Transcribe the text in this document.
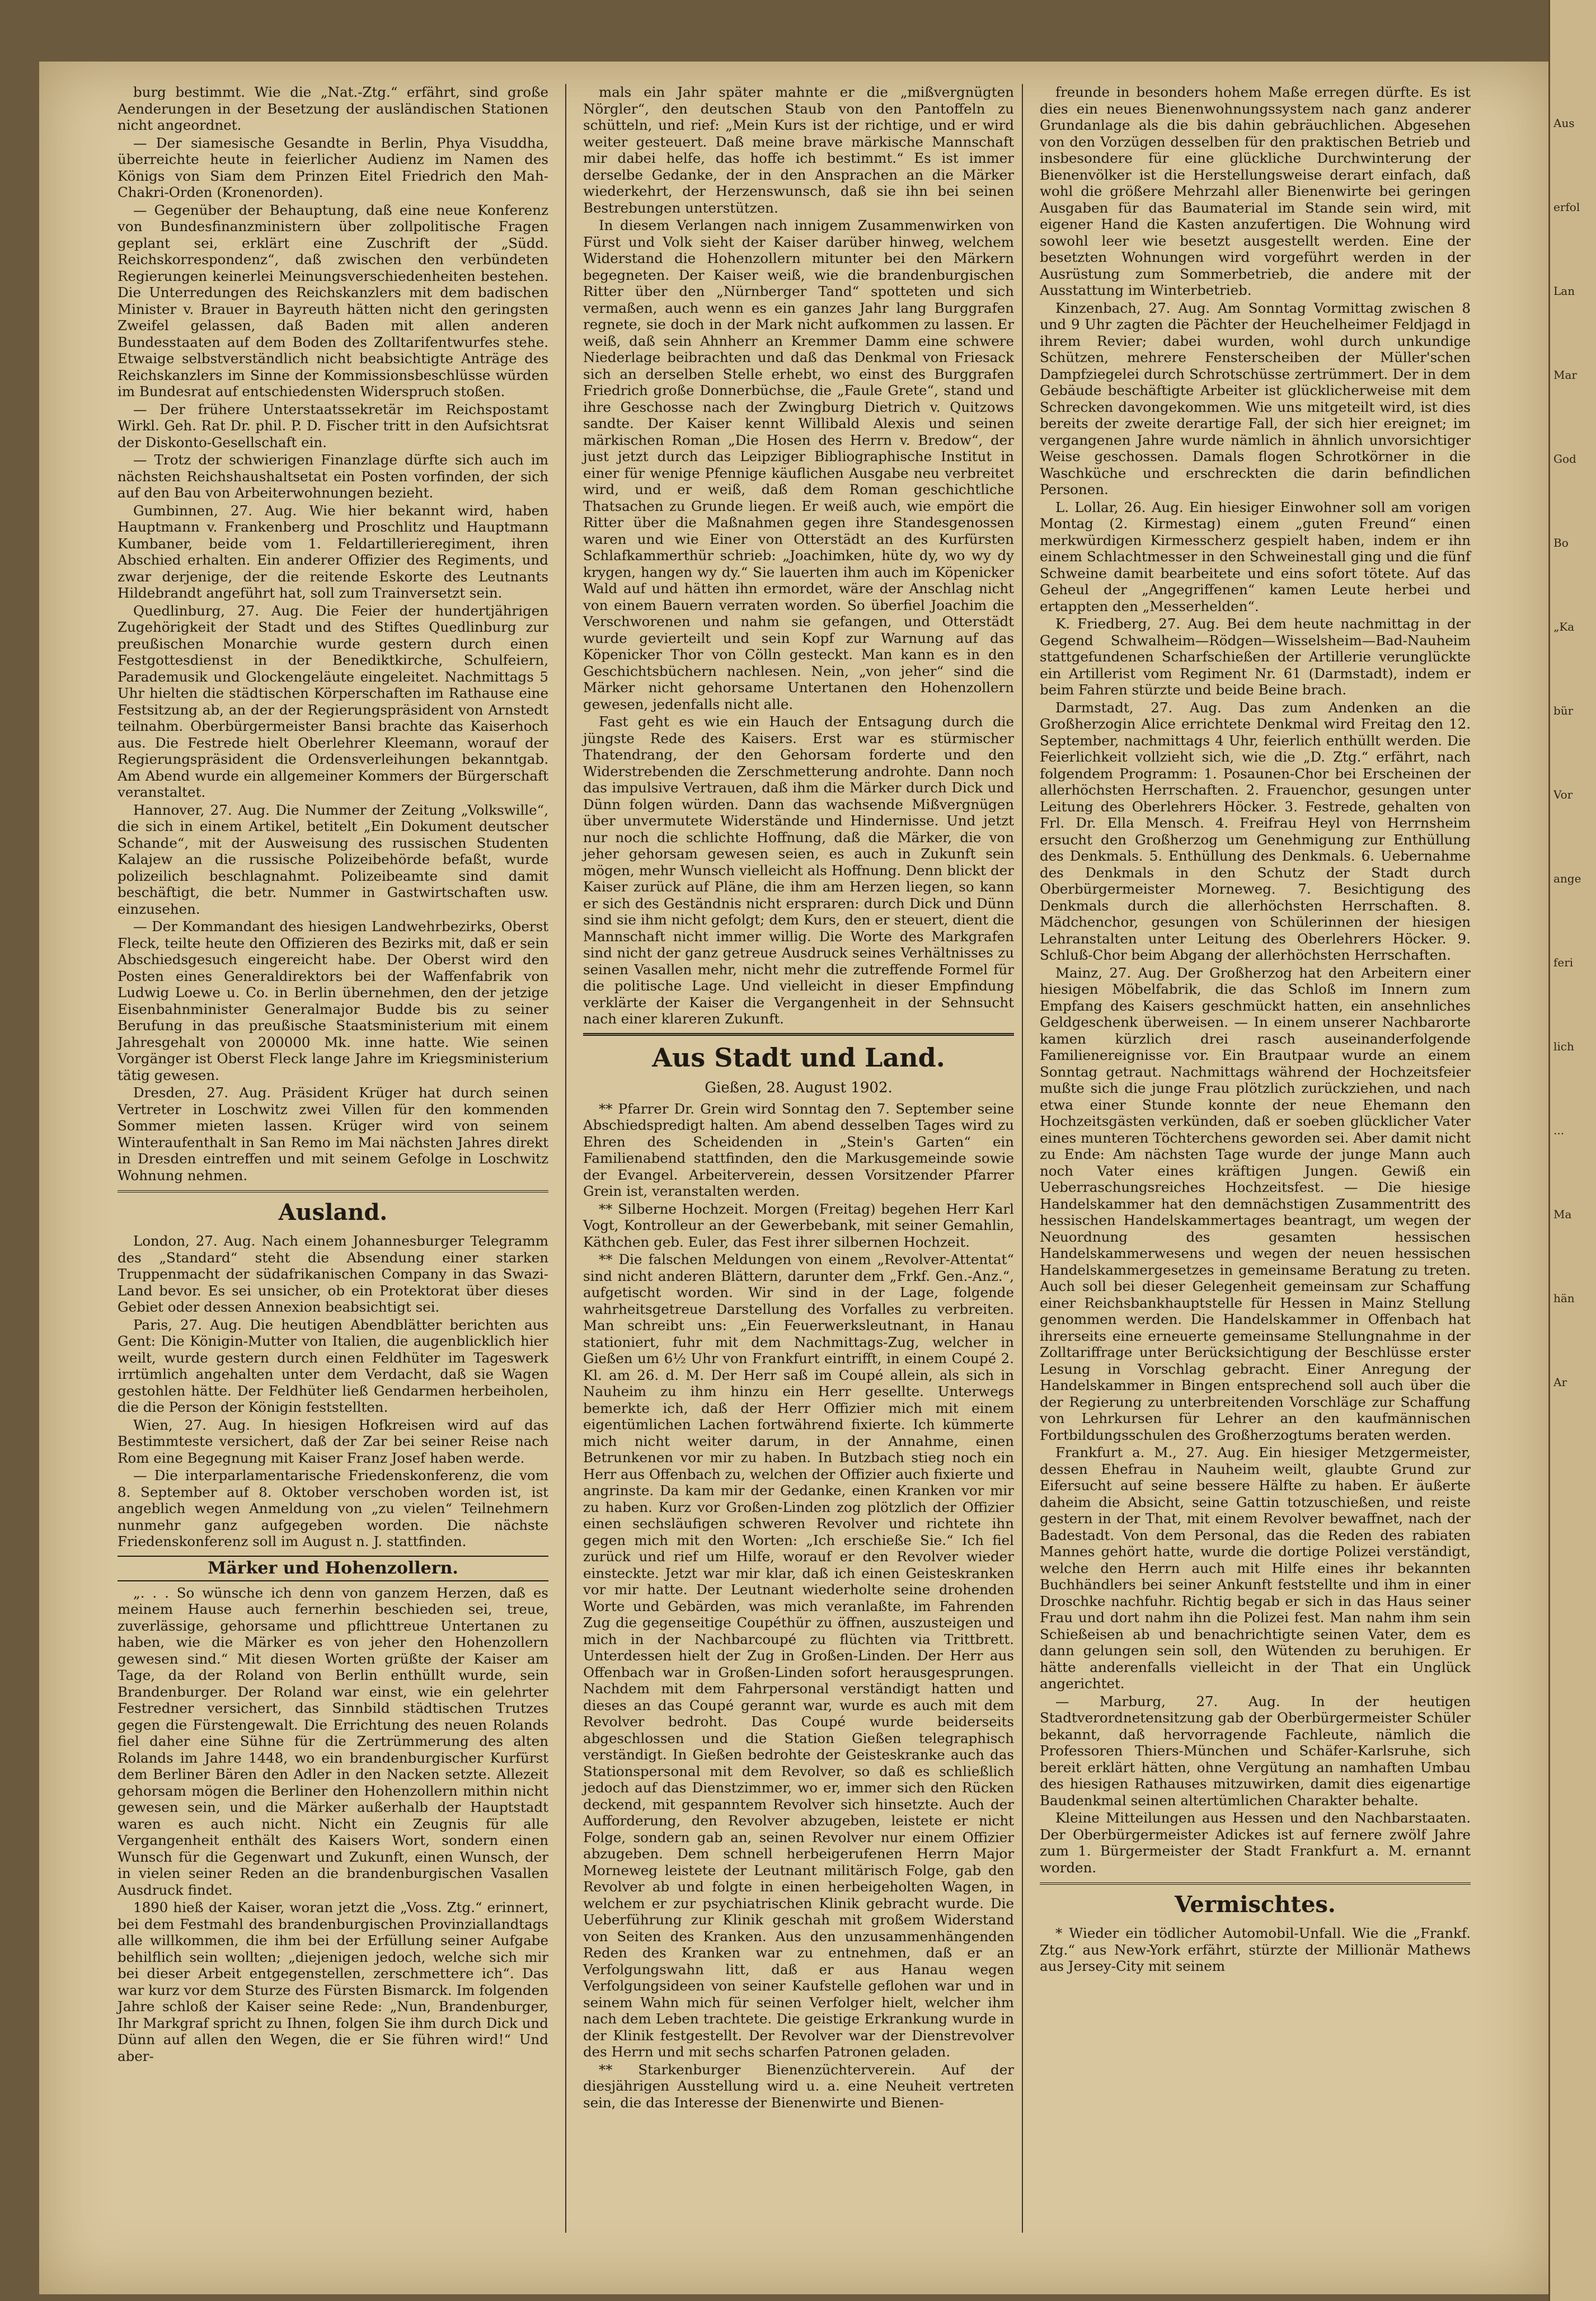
Aus
erfol
Lan
Mar
God
Bo
„Ka
bür
Vor
ange
feri
lich
...
Ma
hän
Ar

burg bestimmt. Wie die „Nat.-Ztg.“ erfährt, sind große Aenderungen in der Besetzung der ausländischen Stationen nicht angeordnet.

— Der siamesische Gesandte in Berlin, Phya Visuddha, überreichte heute in feierlicher Audienz im Namen des Königs von Siam dem Prinzen Eitel Friedrich den Mah-Chakri-Orden (Kronenorden).

— Gegenüber der Behauptung, daß eine neue Konferenz von Bundesfinanzministern über zollpolitische Fragen geplant sei, erklärt eine Zuschrift der „Südd. Reichskorrespondenz“, daß zwischen den verbündeten Regierungen keinerlei Meinungsverschiedenheiten bestehen. Die Unterredungen des Reichskanzlers mit dem badischen Minister v. Brauer in Bayreuth hätten nicht den geringsten Zweifel gelassen, daß Baden mit allen anderen Bundesstaaten auf dem Boden des Zolltarifentwurfes stehe. Etwaige selbstverständlich nicht beabsichtigte Anträge des Reichskanzlers im Sinne der Kommissionsbeschlüsse würden im Bundesrat auf entschiedensten Widerspruch stoßen.

— Der frühere Unterstaatssekretär im Reichspostamt Wirkl. Geh. Rat Dr. phil. P. D. Fischer tritt in den Aufsichtsrat der Diskonto-Gesellschaft ein.

— Trotz der schwierigen Finanzlage dürfte sich auch im nächsten Reichshaushaltsetat ein Posten vorfinden, der sich auf den Bau von Arbeiterwohnungen bezieht.

Gumbinnen, 27. Aug. Wie hier bekannt wird, haben Hauptmann v. Frankenberg und Proschlitz und Hauptmann Kumbaner, beide vom 1. Feldartillerieregiment, ihren Abschied erhalten. Ein anderer Offizier des Regiments, und zwar derjenige, der die reitende Eskorte des Leutnants Hildebrandt angeführt hat, soll zum Trainversetzt sein.

Quedlinburg, 27. Aug. Die Feier der hundertjährigen Zugehörigkeit der Stadt und des Stiftes Quedlinburg zur preußischen Monarchie wurde gestern durch einen Festgottesdienst in der Benediktkirche, Schulfeiern, Parademusik und Glockengeläute eingeleitet. Nachmittags 5 Uhr hielten die städtischen Körperschaften im Rathause eine Festsitzung ab, an der der Regierungspräsident von Arnstedt teilnahm. Oberbürgermeister Bansi brachte das Kaiserhoch aus. Die Festrede hielt Oberlehrer Kleemann, worauf der Regierungspräsident die Ordensverleihungen bekanntgab. Am Abend wurde ein allgemeiner Kommers der Bürgerschaft veranstaltet.

Hannover, 27. Aug. Die Nummer der Zeitung „Volkswille“, die sich in einem Artikel, betitelt „Ein Dokument deutscher Schande“, mit der Ausweisung des russischen Studenten Kalajew an die russische Polizeibehörde befaßt, wurde polizeilich beschlagnahmt. Polizeibeamte sind damit beschäftigt, die betr. Nummer in Gastwirtschaften usw. einzusehen.

— Der Kommandant des hiesigen Landwehrbezirks, Oberst Fleck, teilte heute den Offizieren des Bezirks mit, daß er sein Abschiedsgesuch eingereicht habe. Der Oberst wird den Posten eines Generaldirektors bei der Waffenfabrik von Ludwig Loewe u. Co. in Berlin übernehmen, den der jetzige Eisenbahnminister Generalmajor Budde bis zu seiner Berufung in das preußische Staatsministerium mit einem Jahresgehalt von 200000 Mk. inne hatte. Wie seinen Vorgänger ist Oberst Fleck lange Jahre im Kriegsministerium tätig gewesen.

Dresden, 27. Aug. Präsident Krüger hat durch seinen Vertreter in Loschwitz zwei Villen für den kommenden Sommer mieten lassen. Krüger wird von seinem Winteraufenthalt in San Remo im Mai nächsten Jahres direkt in Dresden eintreffen und mit seinem Gefolge in Loschwitz Wohnung nehmen.

Ausland.

London, 27. Aug. Nach einem Johannesburger Telegramm des „Standard“ steht die Absendung einer starken Truppenmacht der südafrikanischen Company in das Swazi-Land bevor. Es sei unsicher, ob ein Protektorat über dieses Gebiet oder dessen Annexion beabsichtigt sei.

Paris, 27. Aug. Die heutigen Abendblätter berichten aus Gent: Die Königin-Mutter von Italien, die augenblicklich hier weilt, wurde gestern durch einen Feldhüter im Tageswerk irrtümlich angehalten unter dem Verdacht, daß sie Wagen gestohlen hätte. Der Feldhüter ließ Gendarmen herbeiholen, die die Person der Königin feststellten.

Wien, 27. Aug. In hiesigen Hofkreisen wird auf das Bestimmteste versichert, daß der Zar bei seiner Reise nach Rom eine Begegnung mit Kaiser Franz Josef haben werde.

— Die interparlamentarische Friedenskonferenz, die vom 8. September auf 8. Oktober verschoben worden ist, ist angeblich wegen Anmeldung von „zu vielen“ Teilnehmern nunmehr ganz aufgegeben worden. Die nächste Friedenskonferenz soll im August n. J. stattfinden.

Märker und Hohenzollern.

„. . . So wünsche ich denn von ganzem Herzen, daß es meinem Hause auch fernerhin beschieden sei, treue, zuverlässige, gehorsame und pflichttreue Untertanen zu haben, wie die Märker es von jeher den Hohenzollern gewesen sind.“ Mit diesen Worten grüßte der Kaiser am Tage, da der Roland von Berlin enthüllt wurde, sein Brandenburger. Der Roland war einst, wie ein gelehrter Festredner versichert, das Sinnbild städtischen Trutzes gegen die Fürstengewalt. Die Errichtung des neuen Rolands fiel daher eine Sühne für die Zertrümmerung des alten Rolands im Jahre 1448, wo ein brandenburgischer Kurfürst dem Berliner Bären den Adler in den Nacken setzte. Allezeit gehorsam mögen die Berliner den Hohenzollern mithin nicht gewesen sein, und die Märker außerhalb der Hauptstadt waren es auch nicht. Nicht ein Zeugnis für alle Vergangenheit enthält des Kaisers Wort, sondern einen Wunsch für die Gegenwart und Zukunft, einen Wunsch, der in vielen seiner Reden an die brandenburgischen Vasallen Ausdruck findet.

1890 hieß der Kaiser, woran jetzt die „Voss. Ztg.“ erinnert, bei dem Festmahl des brandenburgischen Provinziallandtags alle willkommen, die ihm bei der Erfüllung seiner Aufgabe behilflich sein wollten; „diejenigen jedoch, welche sich mir bei dieser Arbeit entgegenstellen, zerschmettere ich“. Das war kurz vor dem Sturze des Fürsten Bismarck. Im folgenden Jahre schloß der Kaiser seine Rede: „Nun, Brandenburger, Ihr Markgraf spricht zu Ihnen, folgen Sie ihm durch Dick und Dünn auf allen den Wegen, die er Sie führen wird!“ Und aber-

mals ein Jahr später mahnte er die „mißvergnügten Nörgler“, den deutschen Staub von den Pantoffeln zu schütteln, und rief: „Mein Kurs ist der richtige, und er wird weiter gesteuert. Daß meine brave märkische Mannschaft mir dabei helfe, das hoffe ich bestimmt.“ Es ist immer derselbe Gedanke, der in den Ansprachen an die Märker wiederkehrt, der Herzenswunsch, daß sie ihn bei seinen Bestrebungen unterstützen.

In diesem Verlangen nach innigem Zusammenwirken von Fürst und Volk sieht der Kaiser darüber hinweg, welchem Widerstand die Hohenzollern mitunter bei den Märkern begegneten. Der Kaiser weiß, wie die brandenburgischen Ritter über den „Nürnberger Tand“ spotteten und sich vermaßen, auch wenn es ein ganzes Jahr lang Burggrafen regnete, sie doch in der Mark nicht aufkommen zu lassen. Er weiß, daß sein Ahnherr an Kremmer Damm eine schwere Niederlage beibrachten und daß das Denkmal von Friesack sich an derselben Stelle erhebt, wo einst des Burggrafen Friedrich große Donnerbüchse, die „Faule Grete“, stand und ihre Geschosse nach der Zwingburg Dietrich v. Quitzows sandte. Der Kaiser kennt Willibald Alexis und seinen märkischen Roman „Die Hosen des Herrn v. Bredow“, der just jetzt durch das Leipziger Bibliographische Institut in einer für wenige Pfennige käuflichen Ausgabe neu verbreitet wird, und er weiß, daß dem Roman geschichtliche Thatsachen zu Grunde liegen. Er weiß auch, wie empört die Ritter über die Maßnahmen gegen ihre Standesgenossen waren und wie Einer von Otterstädt an des Kurfürsten Schlafkammerthür schrieb: „Joachimken, hüte dy, wo wy dy krygen, hangen wy dy.“ Sie lauerten ihm auch im Köpenicker Wald auf und hätten ihn ermordet, wäre der Anschlag nicht von einem Bauern verraten worden. So überfiel Joachim die Verschworenen und nahm sie gefangen, und Otterstädt wurde gevierteilt und sein Kopf zur Warnung auf das Köpenicker Thor von Cölln gesteckt. Man kann es in den Geschichtsbüchern nachlesen. Nein, „von jeher“ sind die Märker nicht gehorsame Untertanen den Hohenzollern gewesen, jedenfalls nicht alle.

Fast geht es wie ein Hauch der Entsagung durch die jüngste Rede des Kaisers. Erst war es stürmischer Thatendrang, der den Gehorsam forderte und den Widerstrebenden die Zerschmetterung androhte. Dann noch das impulsive Vertrauen, daß ihm die Märker durch Dick und Dünn folgen würden. Dann das wachsende Mißvergnügen über unvermutete Widerstände und Hindernisse. Und jetzt nur noch die schlichte Hoffnung, daß die Märker, die von jeher gehorsam gewesen seien, es auch in Zukunft sein mögen, mehr Wunsch vielleicht als Hoffnung. Denn blickt der Kaiser zurück auf Pläne, die ihm am Herzen liegen, so kann er sich des Geständnis nicht erspraren: durch Dick und Dünn sind sie ihm nicht gefolgt; dem Kurs, den er steuert, dient die Mannschaft nicht immer willig. Die Worte des Markgrafen sind nicht der ganz getreue Ausdruck seines Verhältnisses zu seinen Vasallen mehr, nicht mehr die zutreffende Formel für die politische Lage. Und vielleicht in dieser Empfindung verklärte der Kaiser die Vergangenheit in der Sehnsucht nach einer klareren Zukunft.

Aus Stadt und Land.
Gießen, 28. August 1902.

** Pfarrer Dr. Grein wird Sonntag den 7. September seine Abschiedspredigt halten. Am abend desselben Tages wird zu Ehren des Scheidenden in „Stein's Garten“ ein Familienabend stattfinden, den die Markusgemeinde sowie der Evangel. Arbeiterverein, dessen Vorsitzender Pfarrer Grein ist, veranstalten werden.

** Silberne Hochzeit. Morgen (Freitag) begehen Herr Karl Vogt, Kontrolleur an der Gewerbebank, mit seiner Gemahlin, Käthchen geb. Euler, das Fest ihrer silbernen Hochzeit.

** Die falschen Meldungen von einem „Revolver-Attentat“ sind nicht anderen Blättern, darunter dem „Frkf. Gen.-Anz.“, aufgetischt worden. Wir sind in der Lage, folgende wahrheitsgetreue Darstellung des Vorfalles zu verbreiten. Man schreibt uns: „Ein Feuerwerksleutnant, in Hanau stationiert, fuhr mit dem Nachmittags-Zug, welcher in Gießen um 6½ Uhr von Frankfurt eintrifft, in einem Coupé 2. Kl. am 26. d. M. Der Herr saß im Coupé allein, als sich in Nauheim zu ihm hinzu ein Herr gesellte. Unterwegs bemerkte ich, daß der Herr Offizier mich mit einem eigentümlichen Lachen fortwährend fixierte. Ich kümmerte mich nicht weiter darum, in der Annahme, einen Betrunkenen vor mir zu haben. In Butzbach stieg noch ein Herr aus Offenbach zu, welchen der Offizier auch fixierte und angrinste. Da kam mir der Gedanke, einen Kranken vor mir zu haben. Kurz vor Großen-Linden zog plötzlich der Offizier einen sechsläufigen schweren Revolver und richtete ihn gegen mich mit den Worten: „Ich erschieße Sie.“ Ich fiel zurück und rief um Hilfe, worauf er den Revolver wieder einsteckte. Jetzt war mir klar, daß ich einen Geisteskranken vor mir hatte. Der Leutnant wiederholte seine drohenden Worte und Gebärden, was mich veranlaßte, im Fahrenden Zug die gegenseitige Coupéthür zu öffnen, auszusteigen und mich in der Nachbarcoupé zu flüchten via Trittbrett. Unterdessen hielt der Zug in Großen-Linden. Der Herr aus Offenbach war in Großen-Linden sofort herausgesprungen. Nachdem mit dem Fahrpersonal verständigt hatten und dieses an das Coupé gerannt war, wurde es auch mit dem Revolver bedroht. Das Coupé wurde beiderseits abgeschlossen und die Station Gießen telegraphisch verständigt. In Gießen bedrohte der Geisteskranke auch das Stationspersonal mit dem Revolver, so daß es schließlich jedoch auf das Dienstzimmer, wo er, immer sich den Rücken deckend, mit gespanntem Revolver sich hinsetzte. Auch der Aufforderung, den Revolver abzugeben, leistete er nicht Folge, sondern gab an, seinen Revolver nur einem Offizier abzugeben. Dem schnell herbeigerufenen Herrn Major Morneweg leistete der Leutnant militärisch Folge, gab den Revolver ab und folgte in einen herbeigeholten Wagen, in welchem er zur psychiatrischen Klinik gebracht wurde. Die Ueberführung zur Klinik geschah mit großem Widerstand von Seiten des Kranken. Aus den unzusammenhängenden Reden des Kranken war zu entnehmen, daß er an Verfolgungswahn litt, daß er aus Hanau wegen Verfolgungsideen von seiner Kaufstelle geflohen war und in seinem Wahn mich für seinen Verfolger hielt, welcher ihm nach dem Leben trachtete. Die geistige Erkrankung wurde in der Klinik festgestellt. Der Revolver war der Dienstrevolver des Herrn und mit sechs scharfen Patronen geladen.

** Starkenburger Bienenzüchterverein. Auf der diesjährigen Ausstellung wird u. a. eine Neuheit vertreten sein, die das Interesse der Bienenwirte und Bienen-

freunde in besonders hohem Maße erregen dürfte. Es ist dies ein neues Bienenwohnungssystem nach ganz anderer Grundanlage als die bis dahin gebräuchlichen. Abgesehen von den Vorzügen desselben für den praktischen Betrieb und insbesondere für eine glückliche Durchwinterung der Bienenvölker ist die Herstellungsweise derart einfach, daß wohl die größere Mehrzahl aller Bienenwirte bei geringen Ausgaben für das Baumaterial im Stande sein wird, mit eigener Hand die Kasten anzufertigen. Die Wohnung wird sowohl leer wie besetzt ausgestellt werden. Eine der besetzten Wohnungen wird vorgeführt werden in der Ausrüstung zum Sommerbetrieb, die andere mit der Ausstattung im Winterbetrieb.

Kinzenbach, 27. Aug. Am Sonntag Vormittag zwischen 8 und 9 Uhr zagten die Pächter der Heuchelheimer Feldjagd in ihrem Revier; dabei wurden, wohl durch unkundige Schützen, mehrere Fensterscheiben der Müller'schen Dampfziegelei durch Schrotschüsse zertrümmert. Der in dem Gebäude beschäftigte Arbeiter ist glücklicherweise mit dem Schrecken davongekommen. Wie uns mitgeteilt wird, ist dies bereits der zweite derartige Fall, der sich hier ereignet; im vergangenen Jahre wurde nämlich in ähnlich unvorsichtiger Weise geschossen. Damals flogen Schrotkörner in die Waschküche und erschreckten die darin befindlichen Personen.

L. Lollar, 26. Aug. Ein hiesiger Einwohner soll am vorigen Montag (2. Kirmestag) einem „guten Freund“ einen merkwürdigen Kirmesscherz gespielt haben, indem er ihn einem Schlachtmesser in den Schweinestall ging und die fünf Schweine damit bearbeitete und eins sofort tötete. Auf das Geheul der „Angegriffenen“ kamen Leute herbei und ertappten den „Messerhelden“.

K. Friedberg, 27. Aug. Bei dem heute nachmittag in der Gegend Schwalheim—Rödgen—Wisselsheim—Bad-Nauheim stattgefundenen Scharfschießen der Artillerie verunglückte ein Artillerist vom Regiment Nr. 61 (Darmstadt), indem er beim Fahren stürzte und beide Beine brach.

Darmstadt, 27. Aug. Das zum Andenken an die Großherzogin Alice errichtete Denkmal wird Freitag den 12. September, nachmittags 4 Uhr, feierlich enthüllt werden. Die Feierlichkeit vollzieht sich, wie die „D. Ztg.“ erfährt, nach folgendem Programm: 1. Posaunen-Chor bei Erscheinen der allerhöchsten Herrschaften. 2. Frauenchor, gesungen unter Leitung des Oberlehrers Höcker. 3. Festrede, gehalten von Frl. Dr. Ella Mensch. 4. Freifrau Heyl von Herrnsheim ersucht den Großherzog um Genehmigung zur Enthüllung des Denkmals. 5. Enthüllung des Denkmals. 6. Uebernahme des Denkmals in den Schutz der Stadt durch Oberbürgermeister Morneweg. 7. Besichtigung des Denkmals durch die allerhöchsten Herrschaften. 8. Mädchenchor, gesungen von Schülerinnen der hiesigen Lehranstalten unter Leitung des Oberlehrers Höcker. 9. Schluß-Chor beim Abgang der allerhöchsten Herrschaften.

Mainz, 27. Aug. Der Großherzog hat den Arbeitern einer hiesigen Möbelfabrik, die das Schloß im Innern zum Empfang des Kaisers geschmückt hatten, ein ansehnliches Geldgeschenk überweisen. — In einem unserer Nachbarorte kamen kürzlich drei rasch auseinanderfolgende Familienereignisse vor. Ein Brautpaar wurde an einem Sonntag getraut. Nachmittags während der Hochzeitsfeier mußte sich die junge Frau plötzlich zurückziehen, und nach etwa einer Stunde konnte der neue Ehemann den Hochzeitsgästen verkünden, daß er soeben glücklicher Vater eines munteren Töchterchens geworden sei. Aber damit nicht zu Ende: Am nächsten Tage wurde der junge Mann auch noch Vater eines kräftigen Jungen. Gewiß ein Ueberraschungsreiches Hochzeitsfest. — Die hiesige Handelskammer hat den demnächstigen Zusammentritt des hessischen Handelskammertages beantragt, um wegen der Neuordnung des gesamten hessischen Handelskammerwesens und wegen der neuen hessischen Handelskammergesetzes in gemeinsame Beratung zu treten. Auch soll bei dieser Gelegenheit gemeinsam zur Schaffung einer Reichsbankhauptstelle für Hessen in Mainz Stellung genommen werden. Die Handelskammer in Offenbach hat ihrerseits eine erneuerte gemeinsame Stellungnahme in der Zolltariffrage unter Berücksichtigung der Beschlüsse erster Lesung in Vorschlag gebracht. Einer Anregung der Handelskammer in Bingen entsprechend soll auch über die der Regierung zu unterbreitenden Vorschläge zur Schaffung von Lehrkursen für Lehrer an den kaufmännischen Fortbildungsschulen des Großherzogtums beraten werden.

Frankfurt a. M., 27. Aug. Ein hiesiger Metzgermeister, dessen Ehefrau in Nauheim weilt, glaubte Grund zur Eifersucht auf seine bessere Hälfte zu haben. Er äußerte daheim die Absicht, seine Gattin totzuschießen, und reiste gestern in der That, mit einem Revolver bewaffnet, nach der Badestadt. Von dem Personal, das die Reden des rabiaten Mannes gehört hatte, wurde die dortige Polizei verständigt, welche den Herrn auch mit Hilfe eines ihr bekannten Buchhändlers bei seiner Ankunft feststellte und ihm in einer Droschke nachfuhr. Richtig begab er sich in das Haus seiner Frau und dort nahm ihn die Polizei fest. Man nahm ihm sein Schießeisen ab und benachrichtigte seinen Vater, dem es dann gelungen sein soll, den Wütenden zu beruhigen. Er hätte anderenfalls vielleicht in der That ein Unglück angerichtet.

— Marburg, 27. Aug. In der heutigen Stadtverordnetensitzung gab der Oberbürgermeister Schüler bekannt, daß hervorragende Fachleute, nämlich die Professoren Thiers-München und Schäfer-Karlsruhe, sich bereit erklärt hätten, ohne Vergütung an namhaften Umbau des hiesigen Rathauses mitzuwirken, damit dies eigenartige Baudenkmal seinen altertümlichen Charakter behalte.

Kleine Mitteilungen aus Hessen und den Nachbarstaaten. Der Oberbürgermeister Adickes ist auf fernere zwölf Jahre zum 1. Bürgermeister der Stadt Frankfurt a. M. ernannt worden.

Vermischtes.

* Wieder ein tödlicher Automobil-Unfall. Wie die „Frankf. Ztg.“ aus New-York erfährt, stürzte der Millionär Mathews aus Jersey-City mit seinem
